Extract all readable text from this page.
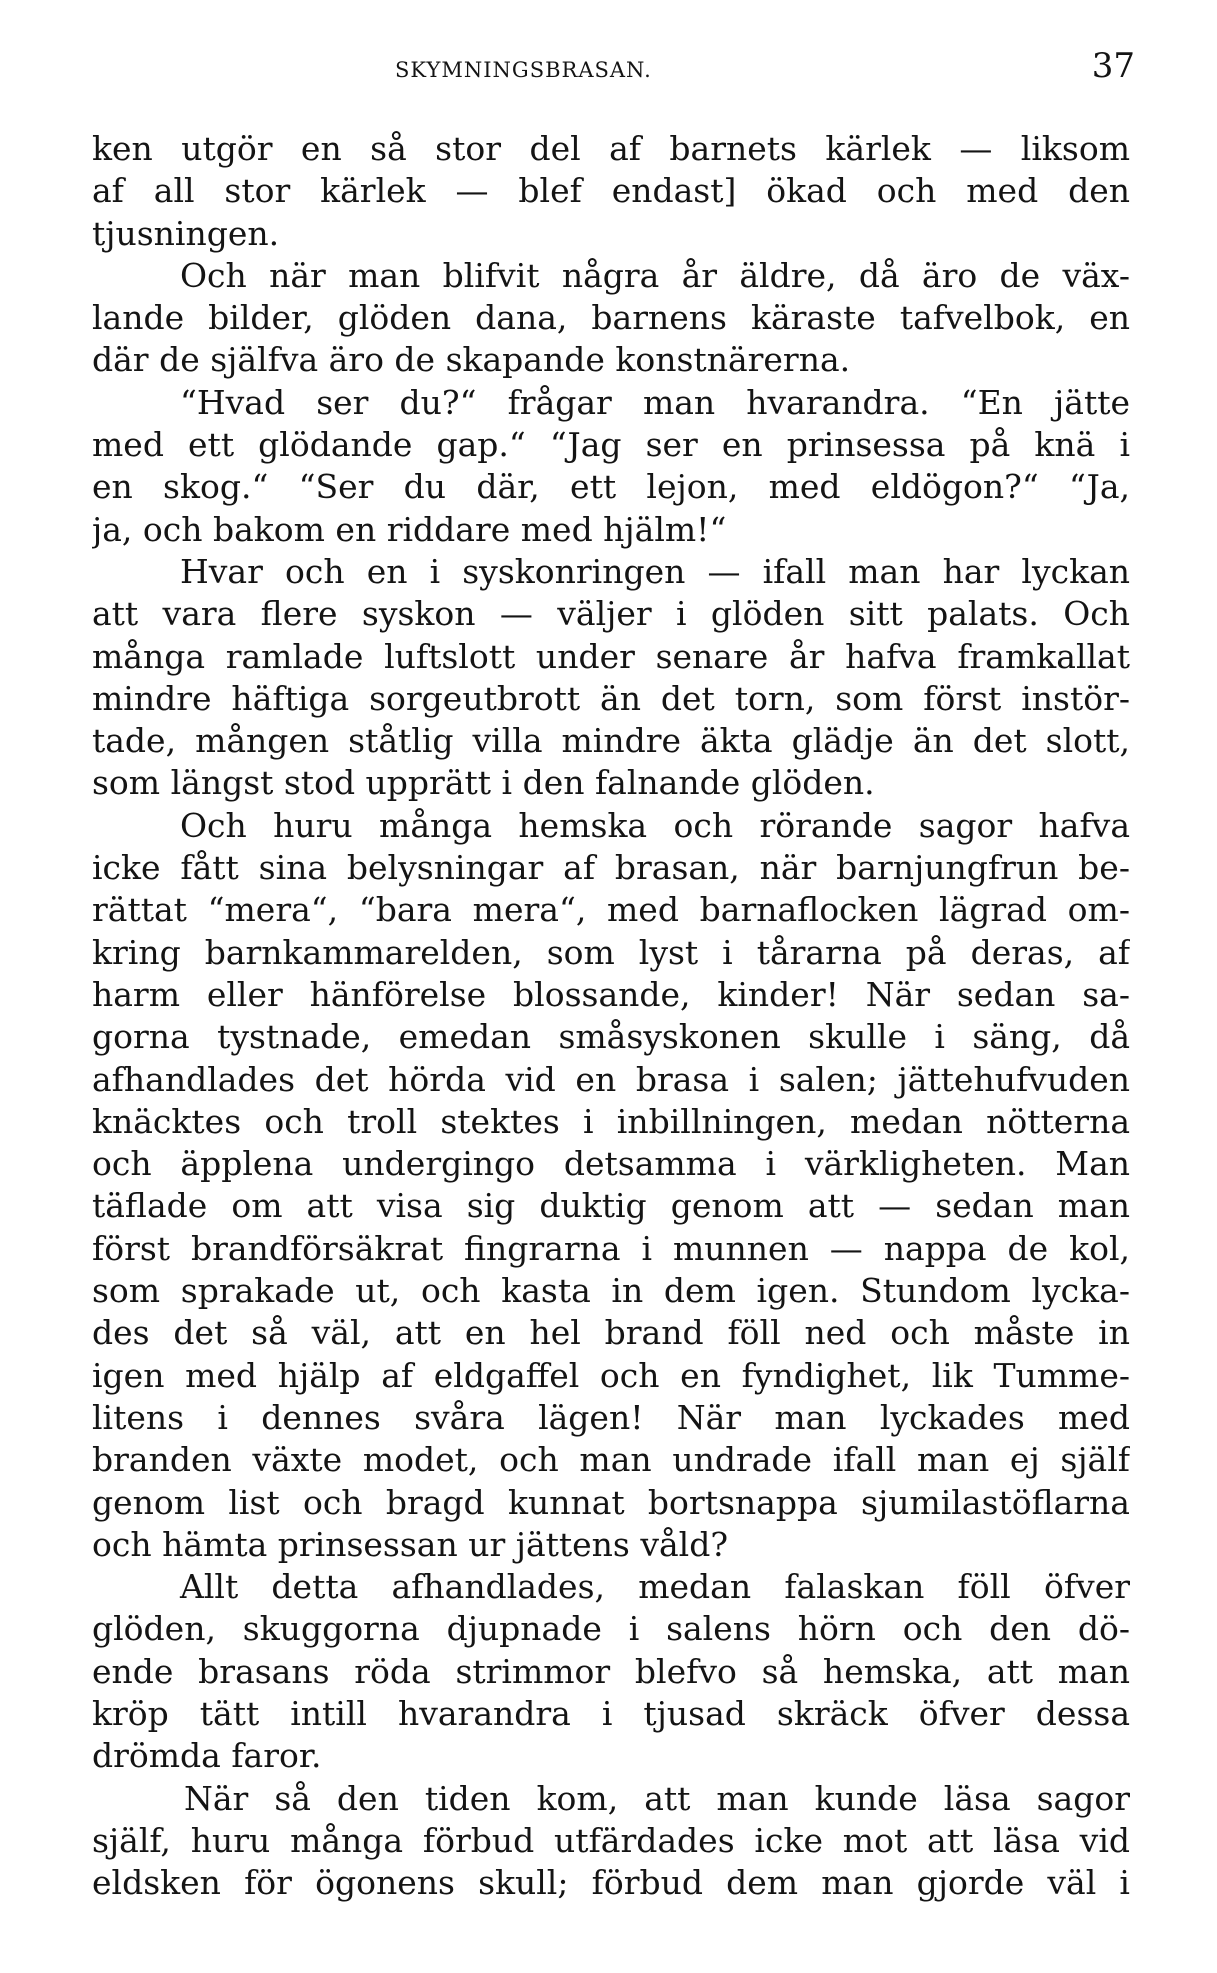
SKYMNINGSBRASAN.	37
ken utgör en så stor del af barnets kärlek — liksom
af all stor kärlek — blef endast] ökad och med den
tjusningen.
Och när man blifvit några år äldre, då äro de väx-
lande bilder, glöden dana, barnens käraste tafvelbok, en
där de själfva äro de skapande konstnärerna.
“Hvad ser du?“ frågar man hvarandra. “En jätte
med ett glödande gap.“ “Jag ser en prinsessa på knä i
en skog.“ “Ser du där, ett lejon, med eldögon?“ “Ja,
ja, och bakom en riddare med hjälm!“
Hvar och en i syskonringen — ifall man har lyckan
att vara flere syskon — väljer i glöden sitt palats. Och
många ramlade luftslott under senare år hafva framkallat
mindre häftiga sorgeutbrott än det torn, som först instör-
tade, mången ståtlig villa mindre äkta glädje än det slott,
som längst stod upprätt i den falnande glöden.
Och huru många hemska och rörande sagor hafva
icke fått sina belysningar af brasan, när barnjungfrun be-
rättat “mera“, “bara mera“, med barnaflocken lägrad om-
kring barnkammarelden, som lyst i tårarna på deras, af
harm eller hänförelse blossande, kinder! När sedan sa-
gorna tystnade, emedan småsyskonen skulle i säng, då
afhandlades det hörda vid en brasa i salen; jättehufvuden
knäcktes och troll stektes i inbillningen, medan nötterna
och äpplena undergingo detsamma i värkligheten. Man
täflade om att visa sig duktig genom att — sedan man
först brandförsäkrat fingrarna i munnen — nappa de kol,
som sprakade ut, och kasta in dem igen. Stundom lycka-
des det så väl, att en hel brand föll ned och måste in
igen med hjälp af eldgaffel och en fyndighet, lik Tumme-
litens i dennes svåra lägen! När man lyckades med
branden växte modet, och man undrade ifall man ej själf
genom list och bragd kunnat bortsnappa sjumilastöflarna
och hämta prinsessan ur jättens våld?
Allt detta afhandlades, medan falaskan föll öfver
glöden, skuggorna djupnade i salens hörn och den dö-
ende brasans röda strimmor blefvo så hemska, att man
kröp tätt intill hvarandra i tjusad skräck öfver dessa
drömda faror.
När så den tiden kom, att man kunde läsa sagor
själf, huru många förbud utfärdades icke mot att läsa vid
eldsken för ögonens skull; förbud dem man gjorde väl i
